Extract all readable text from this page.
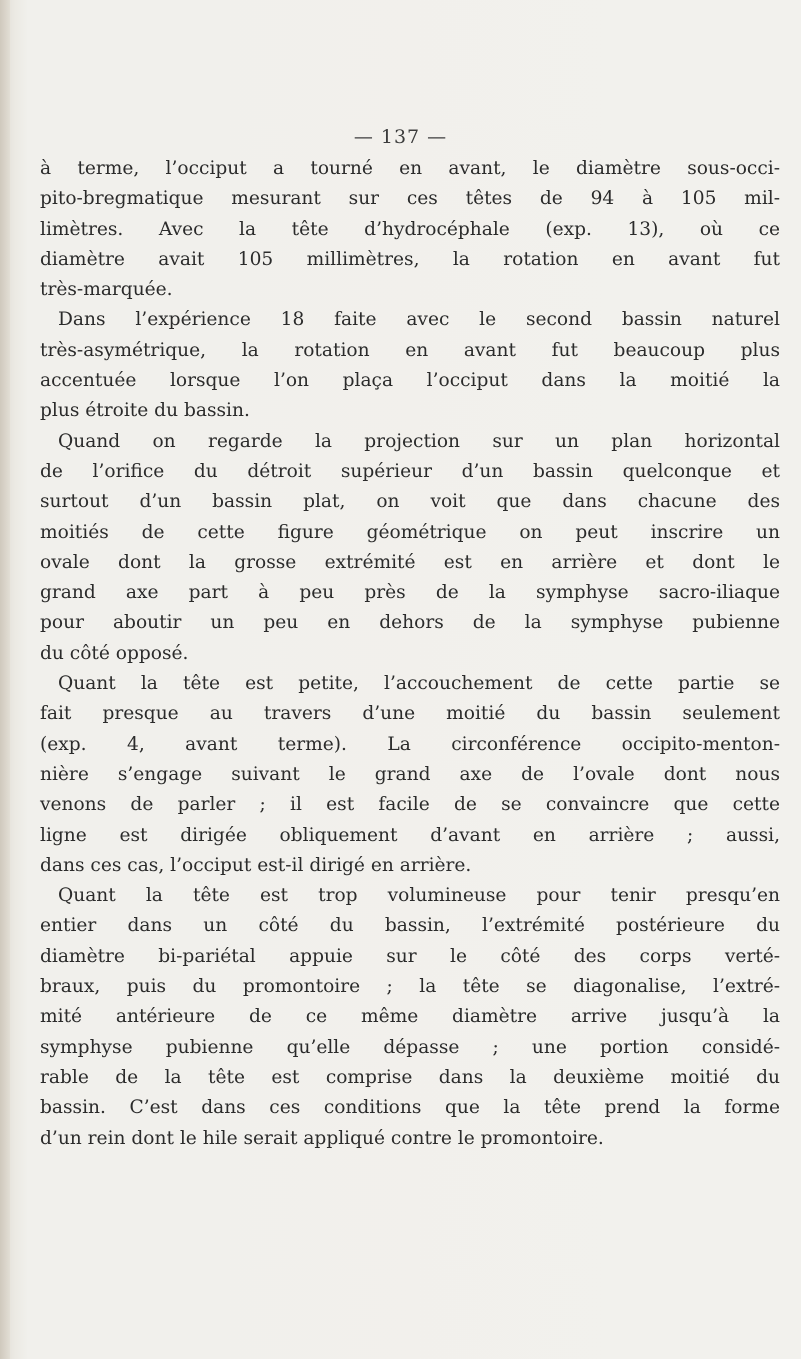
— 137 —

à terme, l’occiput a tourné en avant, le diamètre sous-occi-
pito-bregmatique mesurant sur ces têtes de 94 à 105 mil-
limètres. Avec la tête d’hydrocéphale (exp. 13), où ce
diamètre avait 105 millimètres, la rotation en avant fut
très-marquée.
Dans l’expérience 18 faite avec le second bassin naturel
très-asymétrique, la rotation en avant fut beaucoup plus
accentuée lorsque l’on plaça l’occiput dans la moitié la
plus étroite du bassin.
Quand on regarde la projection sur un plan horizontal
de l’orifice du détroit supérieur d’un bassin quelconque et
surtout d’un bassin plat, on voit que dans chacune des
moitiés de cette figure géométrique on peut inscrire un
ovale dont la grosse extrémité est en arrière et dont le
grand axe part à peu près de la symphyse sacro-iliaque
pour aboutir un peu en dehors de la symphyse pubienne
du côté opposé.
Quant la tête est petite, l’accouchement de cette partie se
fait presque au travers d’une moitié du bassin seulement
(exp. 4, avant terme). La circonférence occipito-menton-
nière s’engage suivant le grand axe de l’ovale dont nous
venons de parler ; il est facile de se convaincre que cette
ligne est dirigée obliquement d’avant en arrière ; aussi,
dans ces cas, l’occiput est-il dirigé en arrière.
Quant la tête est trop volumineuse pour tenir presqu’en
entier dans un côté du bassin, l’extrémité postérieure du
diamètre bi-pariétal appuie sur le côté des corps verté-
braux, puis du promontoire ; la tête se diagonalise, l’extré-
mité antérieure de ce même diamètre arrive jusqu’à la
symphyse pubienne qu’elle dépasse ; une portion considé-
rable de la tête est comprise dans la deuxième moitié du
bassin. C’est dans ces conditions que la tête prend la forme
d’un rein dont le hile serait appliqué contre le promontoire.
